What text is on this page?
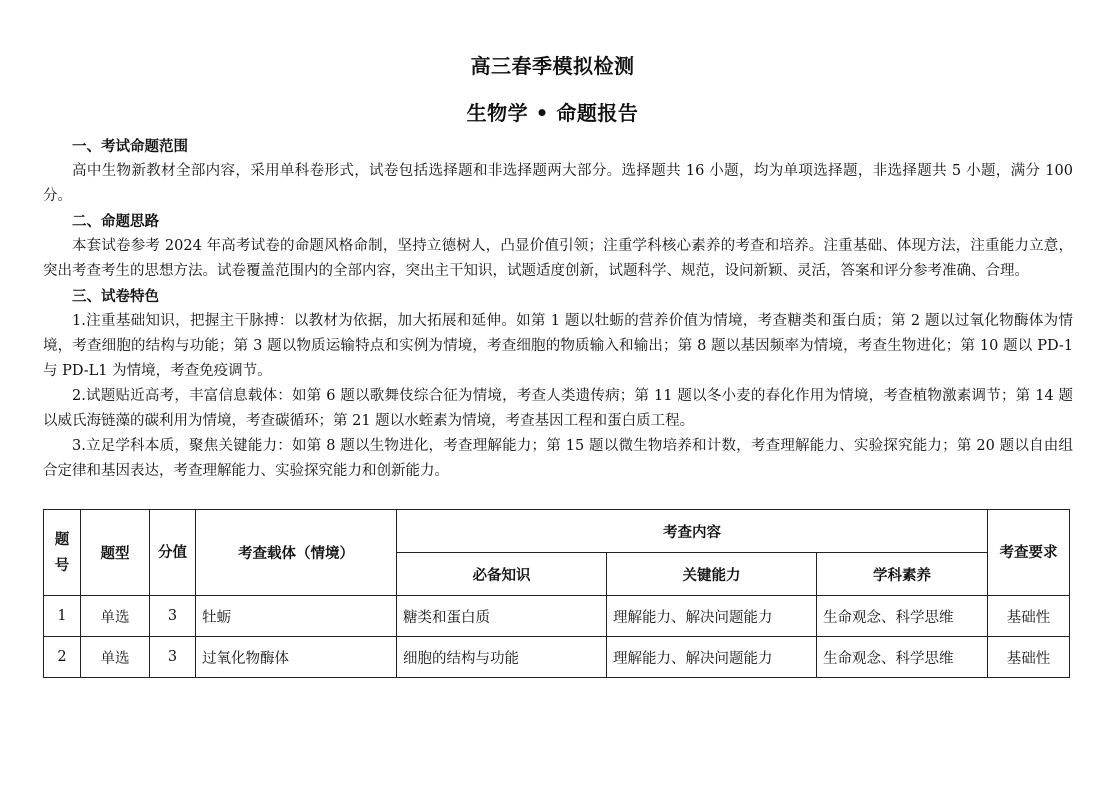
高三春季模拟检测
生物学 • 命题报告
一、考试命题范围
高中生物新教材全部内容，采用单科卷形式，试卷包括选择题和非选择题两大部分。选择题共 16 小题，均为单项选择题，非选择题共 5 小题，满分 100 分。
二、命题思路
本套试卷参考 2024 年高考试卷的命题风格命制，坚持立德树人，凸显价值引领；注重学科核心素养的考查和培养。注重基础、体现方法，注重能力立意，突出考查考生的思想方法。试卷覆盖范围内的全部内容，突出主干知识，试题适度创新，试题科学、规范，设问新颖、灵活，答案和评分参考准确、合理。
三、试卷特色
1.注重基础知识，把握主干脉搏：以教材为依据，加大拓展和延伸。如第 1 题以牡蛎的营养价值为情境，考查糖类和蛋白质；第 2 题以过氧化物酶体为情境，考查细胞的结构与功能；第 3 题以物质运输特点和实例为情境，考查细胞的物质输入和输出；第 8 题以基因频率为情境，考查生物进化；第 10 题以 PD-1 与 PD-L1 为情境，考查免疫调节。
2.试题贴近高考，丰富信息载体：如第 6 题以歌舞伎综合征为情境，考查人类遗传病；第 11 题以冬小麦的春化作用为情境，考查植物激素调节；第 14 题以威氏海链藻的碳利用为情境，考查碳循环；第 21 题以水蛭素为情境，考查基因工程和蛋白质工程。
3.立足学科本质，聚焦关键能力：如第 8 题以生物进化，考查理解能力；第 15 题以微生物培养和计数，考查理解能力、实验探究能力；第 20 题以自由组合定律和基因表达，考查理解能力、实验探究能力和创新能力。
题号	题型	分值	考查载体（情境）	考查内容			考查要求
				必备知识	关键能力	学科素养	
1	单选	3	牡蛎	糖类和蛋白质	理解能力、解决问题能力	生命观念、科学思维	基础性
2	单选	3	过氧化物酶体	细胞的结构与功能	理解能力、解决问题能力	生命观念、科学思维	基础性
